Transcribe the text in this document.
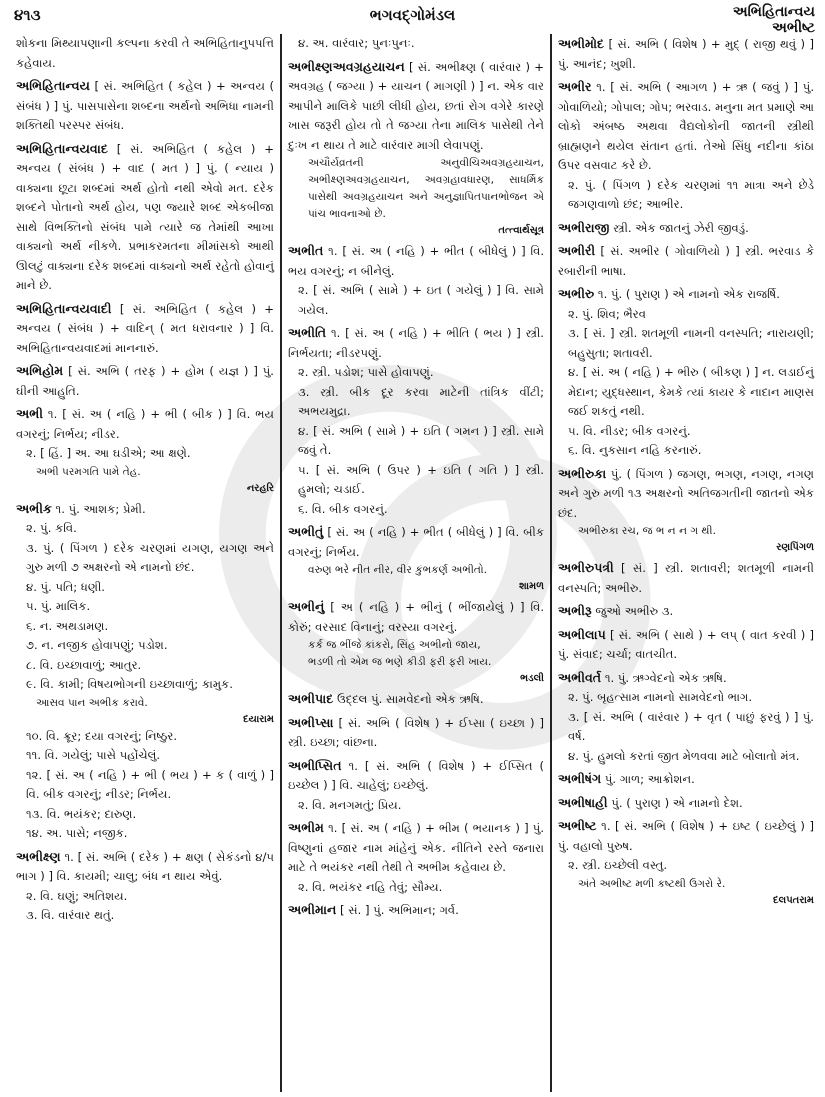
૪૧૩	ભગવદ્ગોમંડલ	અભિહિતાન્વય
અભીષ્ટ
શોકના મિથ્યાપણાની કલ્પના કરવી તે અભિહિતાનુપપત્તિ કહેવાય.
અભિહિતાન્વય [ સં. અભિહિત ( કહેલ ) + અન્વય ( સંબંધ ) ] પું. પાસપાસેના શબ્દના અર્થનો અભિધા નામની શક્તિથી પરસ્પર સંબંધ.
અભિહિતાન્વયવાદ [ સં. અભિહિત ( કહેલ ) + અન્વય ( સંબંધ ) + વાદ ( મત ) ] પું. ( ન્યાય ) વાક્યના છૂટા શબ્દમાં અર્થ હોતો નથી એવો મત. દરેક શબ્દને પોતાનો અર્થ હોય, પણ જ્યારે શબ્દ એકબીજા સાથે વિભક્તિનો સંબંધ પામે ત્યારે જ તેમાંથી આખા વાક્યનો અર્થ નીકળે. પ્રભાકરમતના મીમાંસકો આથી ઊલટું વાક્યના દરેક શબ્દમાં વાક્યનો અર્થ રહેતો હોવાનું માને છે.
અભિહિતાન્વયવાદી [ સં. અભિહિત ( કહેલ ) + અન્વય ( સંબંધ ) + વાદિન્ ( મત ધરાવનાર ) ] વિ. અભિહિતાન્વયવાદમાં માનનારું.
અભિહોમ [ સં. અભિ ( તરફ ) + હોમ ( યજ્ઞ ) ] પું. ઘીની આહુતિ.
અભી ૧. [ સં. અ ( નહિ ) + ભી ( બીક ) ] વિ. ભય વગરનું; નિર્ભય; નીડર.
૨. [ હિં. ] અ. આ ઘડીએ; આ ક્ષણે.
અભી પરમગતિ પામે તેહ.
નરહરિ
અભીક ૧. પું. આશક; પ્રેમી.
૨. પું. કવિ.
૩. પું. ( પિંગળ ) દરેક ચરણમાં યગણ, યગણ અને ગુરુ મળી ૭ અક્ષરનો એ નામનો છંદ.
૪. પું. પતિ; ધણી.
૫. પું. માલિક.
૬. ન. અથડામણ.
૭. ન. નજીક હોવાપણું; પડોશ.
૮. વિ. ઇચ્છાવાળું; આતુર.
૯. વિ. કામી; વિષયભોગની ઇચ્છાવાળું; કામુક.
આસવ પાન અભીક કરાવે.
દયારામ
૧૦. વિ. ક્રૂર; દયા વગરનું; નિષ્ઠુર.
૧૧. વિ. ગયેલું; પાસે પહોંચેલું.
૧૨. [ સં. અ ( નહિ ) + ભી ( ભય ) + ક ( વાળું ) ] વિ. બીક વગરનું; નીડર; નિર્ભય.
૧૩. વિ. ભયંકર; દારુણ.
૧૪. અ. પાસે; નજીક.
અભીક્ષ્ણ ૧. [ સં. અભિ ( દરેક ) + ક્ષણ ( સેકંડનો ૪/૫ ભાગ ) ] વિ. કાયમી; ચાલુ; બંધ ન થાય એવું.
૨. વિ. ઘણું; અતિશય.
૩. વિ. વારંવાર થતું.
૪. અ. વારંવાર; પુનઃપુનઃ.
અભીક્ષ્ણઅવગ્રહયાચન [ સં. અભીક્ષ્ણ ( વારંવાર ) + અવગ્રહ ( જગ્યા ) + યાચન ( માગણી ) ] ન. એક વાર આપીને માલિકે પાછી લીધી હોય, છતાં રોગ વગેરે કારણે ખાસ જરૂરી હોય તો તે જગ્યા તેના માલિક પાસેથી તેને દુઃખ ન થાય તે માટે વારંવાર માગી લેવાપણું.
અચૌર્યવ્રતની અનુવીચિઅવગ્રહયાચન, અભીક્ષ્ણઅવગ્રહયાચન, અવગ્રહાવધારણ, સાધર્મિક પાસેથી અવગ્રહયાચન અને અનુજ્ઞાપિતપાનભોજન એ પાંચ ભાવનાઓ છે.
તત્ત્વાર્થસૂત્ર
અભીત ૧. [ સં. અ ( નહિ ) + ભીત ( બીધેલું ) ] વિ. ભય વગરનું; ન બીનેલું.
૨. [ સં. અભિ ( સામે ) + ઇત ( ગયેલું ) ] વિ. સામે ગયેલ.
અભીતિ ૧. [ સં. અ ( નહિ ) + ભીતિ ( ભય ) ] સ્ત્રી. નિર્ભયતા; નીડરપણું.
૨. સ્ત્રી. પડોશ; પાસે હોવાપણું.
૩. સ્ત્રી. બીક દૂર કરવા માટેની તાંત્રિક વીંટી; અભયમુદ્રા.
૪. [ સં. અભિ ( સામે ) + ઇતિ ( ગમન ) ] સ્ત્રી. સામે જવું તે.
૫. [ સં. અભિ ( ઉપર ) + ઇતિ ( ગતિ ) ] સ્ત્રી. હુમલો; ચડાઈ.
૬. વિ. બીક વગરનું.
અભીતું [ સં. અ ( નહિ ) + ભીત ( બીધેલું ) ] વિ. બીક વગરનું; નિર્ભય.
વરુણ ભરે નીત નીર, વીર કુંભકર્ણ અભીતો.
શામળ
અભીનું [ અ ( નહિ ) + ભીનું ( ભીંજાયેલું ) ] વિ. કોરું; વરસાદ વિનાનું; વરસ્યા વગરનું.
કર્ક જ ભીંજે કાંકરો, સિંહ અભીનો જાય,
ભડળી તો એમ જ ભણે કીડી ફરી ફરી ખાય.
ભડલી
અભીપાદ ઉદ્દલ પું. સામવેદનો એક ઋષિ.
અભીપ્સા [ સં. અભિ ( વિશેષ ) + ઈપ્સા ( ઇચ્છા ) ] સ્ત્રી. ઇચ્છા; વાંછના.
અભીપ્સિત ૧. [ સં. અભિ ( વિશેષ ) + ઈપ્સિત ( ઇચ્છેલ ) ] વિ. ચાહેલું; ઇચ્છેલું.
૨. વિ. મનગમતું; પ્રિય.
અભીમ ૧. [ સં. અ ( નહિ ) + ભીમ ( ભયાનક ) ] પું. વિષ્ણુનાં હજાર નામ માંહેનું એક. નીતિને રસ્તે જનારા માટે તે ભયંકર નથી તેથી તે અભીમ કહેવાય છે.
૨. વિ. ભયંકર નહિ તેવું; સૌમ્ય.
અભીમાન [ સં. ] પું. અભિમાન; ગર્વ.
અભીમોદ [ સં. અભિ ( વિશેષ ) + મુદ્ ( રાજી થવું ) ] પું. આનંદ; ખુશી.
અભીર ૧. [ સં. અભિ ( આગળ ) + ઋ ( જવું ) ] પું. ગોવાળિયો; ગોપાલ; ગોપ; ભરવાડ. મનુના મત પ્રમાણે આ લોકો અંબષ્ઠ અથવા વૈદ્યલોકોની જાતની સ્ત્રીથી બ્રાહ્મણને થયેલ સંતાન હતાં. તેઓ સિંધુ નદીના કાંઠા ઉપર વસવાટ કરે છે.
૨. પું. ( પિંગળ ) દરેક ચરણમાં ૧૧ માત્રા અને છેડે જગણવાળો છંદ; આભીર.
અભીરાજી સ્ત્રી. એક જાતનું ઝેરી જીવડું.
અભીરી [ સં. અભીર ( ગોવાળિયો ) ] સ્ત્રી. ભરવાડ કે રબારીની ભાષા.
અભીરુ ૧. પું. ( પુરાણ ) એ નામનો એક રાજર્ષિ.
૨. પું. શિવ; ભૈરવ
૩. [ સં. ] સ્ત્રી. શતમૂળી નામની વનસ્પતિ; નારાયણી; બહુસુતા; શતાવરી.
૪. [ સં. અ ( નહિ ) + ભીરુ ( બીકણ ) ] ન. લડાઈનું મેદાન; યુદ્ધસ્થાન, કેમકે ત્યાં કાયર કે નાદાન માણસ જઈ શકતું નથી.
૫. વિ. નીડર; બીક વગરનું.
૬. વિ. નુકસાન નહિ કરનારું.
અભીરુકા પું. ( પિંગળ ) જગણ, ભગણ, નગણ, નગણ અને ગુરુ મળી ૧૩ અક્ષરનો અતિજગતીની જાતનો એક છંદ.
અભીરુકા રચ, જ ભ ન ન ગ થી.
રણપિંગળ
અભીરુપત્રી [ સં. ] સ્ત્રી. શતાવરી; શતમૂળી નામની વનસ્પતિ; અભીરુ.
અભીરૂ જુઓ અભીરુ ૩.
અભીલાપ [ સં. અભિ ( સાથે ) + લપ્ ( વાત કરવી ) ] પું. સંવાદ; ચર્ચા; વાતચીત.
અભીવર્ત ૧. પું. ઋગ્વેદનો એક ઋષિ.
૨. પું. બૃહત્સામ નામનો સામવેદનો ભાગ.
૩. [ સં. અભિ ( વારંવાર ) + વૃત ( પાછું ફરવું ) ] પું. વર્ષ.
૪. પું. હુમલો કરતાં જીત મેળવવા માટે બોલાતો મંત્ર.
અભીષંગ પું. ગાળ; આક્રોશન.
અભીષાહી પું. ( પુરાણ ) એ નામનો દેશ.
અભીષ્ટ ૧. [ સં. અભિ ( વિશેષ ) + ઇષ્ટ ( ઇચ્છેલું ) ] પું. વહાલો પુરુષ.
૨. સ્ત્રી. ઇચ્છેલી વસ્તુ.
અંતે અભીષ્ટ મળી કષ્ટથી ઉગરો રે.
દલપતરામ
